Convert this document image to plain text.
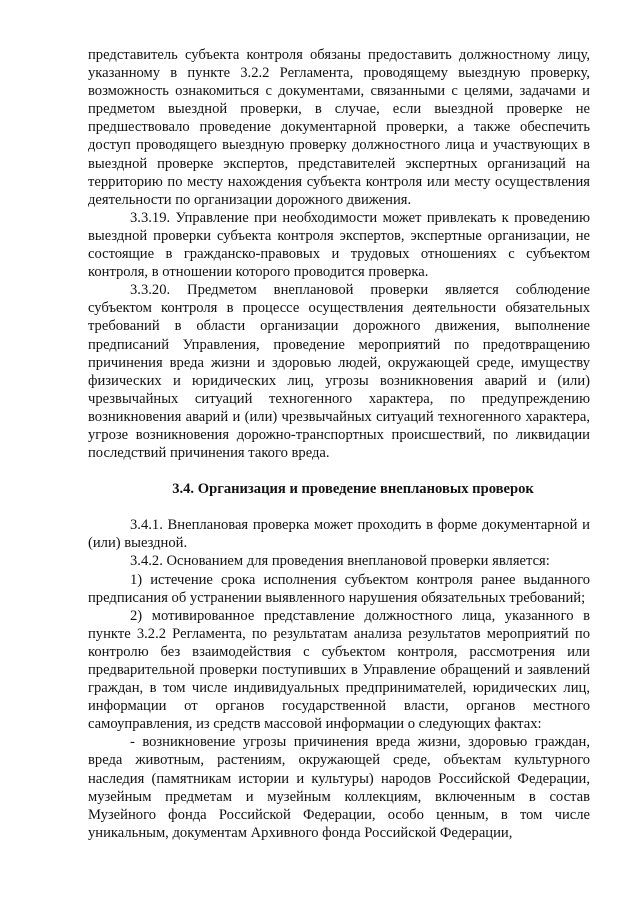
представитель субъекта контроля обязаны предоставить должностному лицу, указанному в пункте 3.2.2 Регламента, проводящему выездную проверку, возможность ознакомиться с документами, связанными с целями, задачами и предметом выездной проверки, в случае, если выездной проверке не предшествовало проведение документарной проверки, а также обеспечить доступ проводящего выездную проверку должностного лица и участвующих в выездной проверке экспертов, представителей экспертных организаций на территорию по месту нахождения субъекта контроля или месту осуществления деятельности по организации дорожного движения.

3.3.19. Управление при необходимости может привлекать к проведению выездной проверки субъекта контроля экспертов, экспертные организации, не состоящие в гражданско-правовых и трудовых отношениях с субъектом контроля, в отношении которого проводится проверка.

3.3.20. Предметом внеплановой проверки является соблюдение субъектом контроля в процессе осуществления деятельности обязательных требований в области организации дорожного движения, выполнение предписаний Управления, проведение мероприятий по предотвращению причинения вреда жизни и здоровью людей, окружающей среде, имуществу физических и юридических лиц, угрозы возникновения аварий и (или) чрезвычайных ситуаций техногенного характера, по предупреждению возникновения аварий и (или) чрезвычайных ситуаций техногенного характера, угрозе возникновения дорожно-транспортных происшествий, по ликвидации последствий причинения такого вреда.

3.4. Организация и проведение внеплановых проверок

3.4.1. Внеплановая проверка может проходить в форме документарной и (или) выездной.

3.4.2. Основанием для проведения внеплановой проверки является:

1) истечение срока исполнения субъектом контроля ранее выданного предписания об устранении выявленного нарушения обязательных требований;

2) мотивированное представление должностного лица, указанного в пункте 3.2.2 Регламента, по результатам анализа результатов мероприятий по контролю без взаимодействия с субъектом контроля, рассмотрения или предварительной проверки поступивших в Управление обращений и заявлений граждан, в том числе индивидуальных предпринимателей, юридических лиц, информации от органов государственной власти, органов местного самоуправления, из средств массовой информации о следующих фактах:

- возникновение угрозы причинения вреда жизни, здоровью граждан, вреда животным, растениям, окружающей среде, объектам культурного наследия (памятникам истории и культуры) народов Российской Федерации, музейным предметам и музейным коллекциям, включенным в состав Музейного фонда Российской Федерации, особо ценным, в том числе уникальным, документам Архивного фонда Российской Федерации,
